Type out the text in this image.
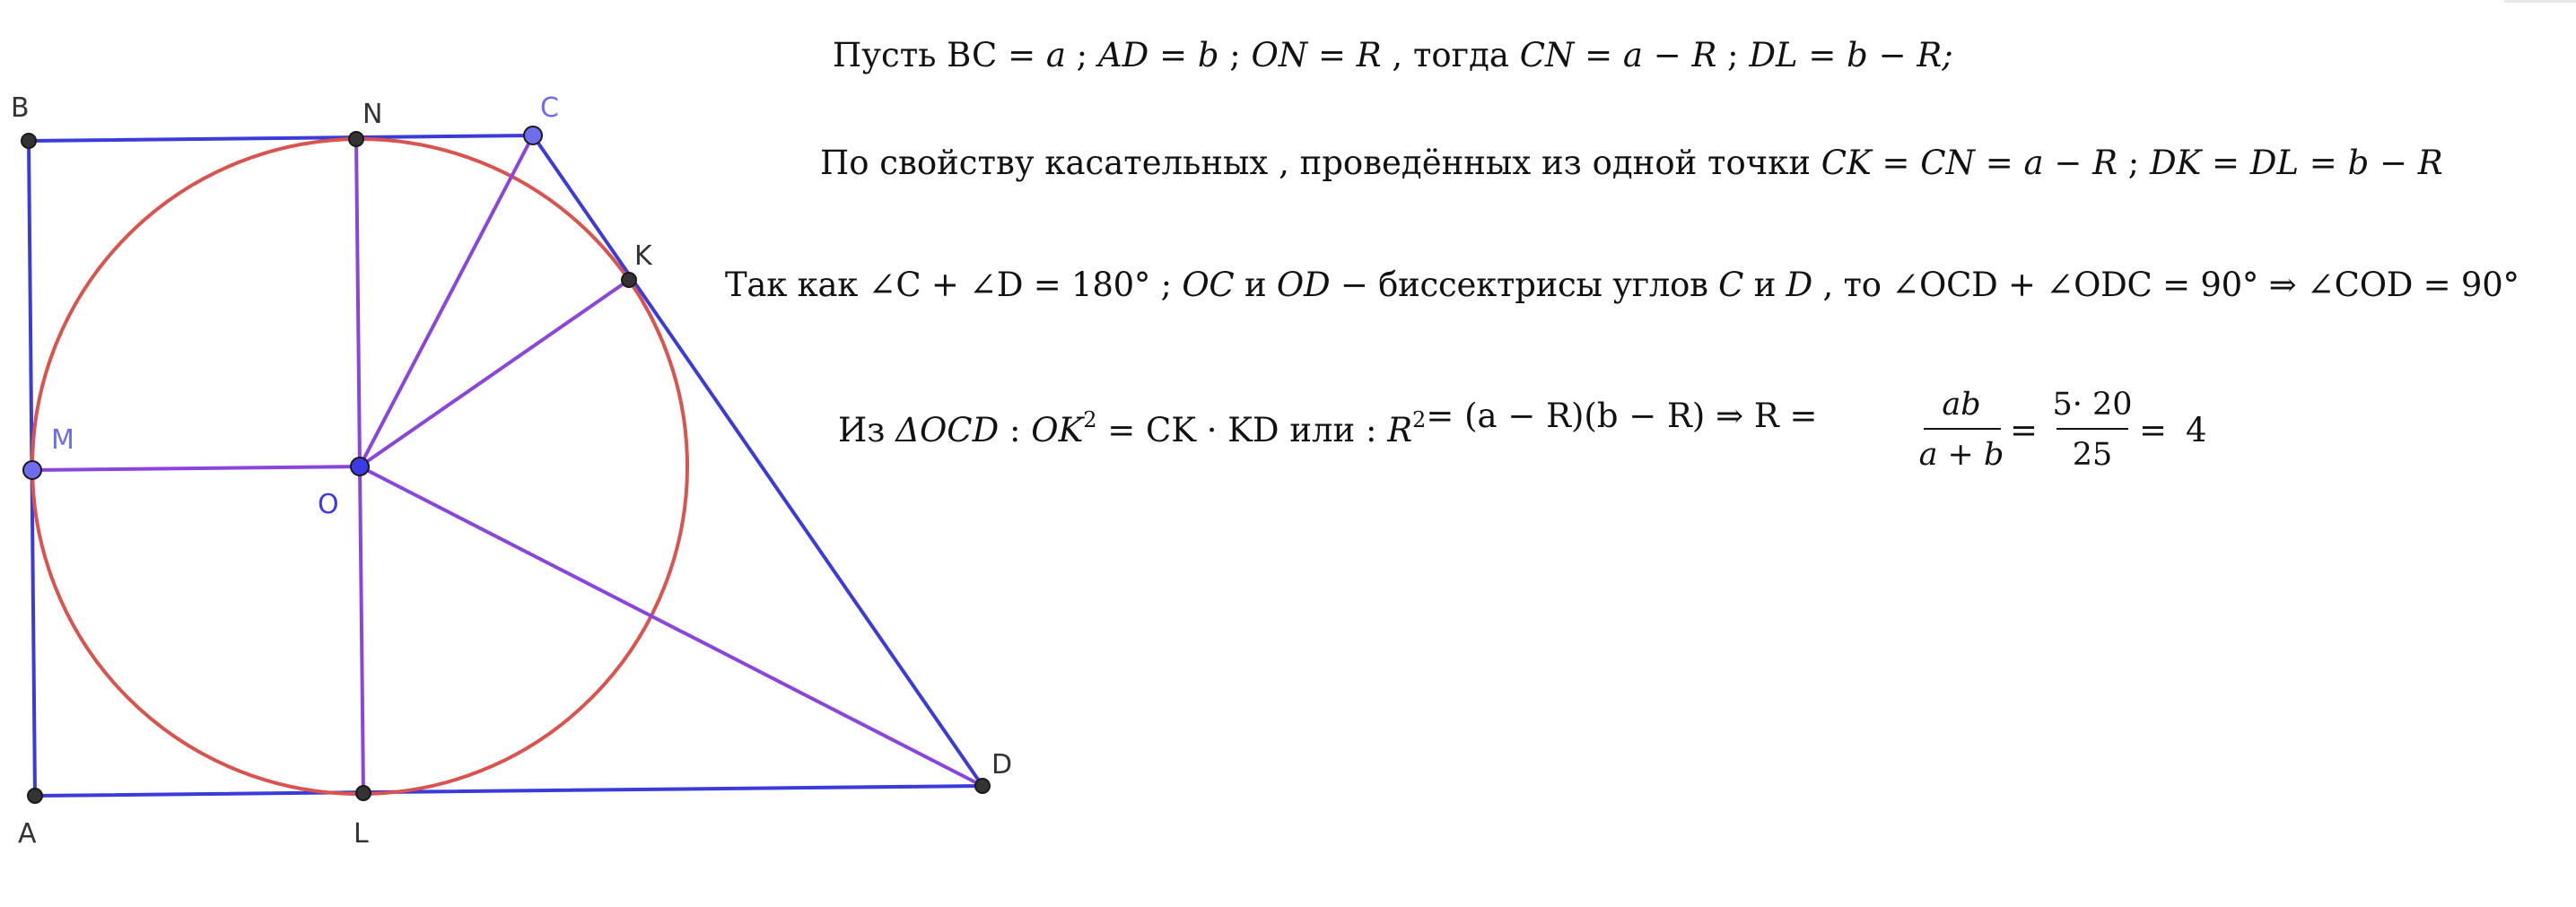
B	N	C
K
M
O
A	L
D
Пусть BC = a ; AD = b ; ON = R , тогда CN = a − R ; DL = b − R;
По свойству касательных , проведённых из одной точки CK = CN = a − R ; DK = DL = b − R
Так как ∠C + ∠D = 180° ; OC и OD − биссектрисы углов C и D , то ∠OCD + ∠ODC = 90° ⇒ ∠COD = 90°
Из ΔOCD : $OK^2$ = CK · KD или : $R^2= (a - R)(b - R)$ ⇒ R =	ab
a + b
=
5· 20
25
= 4
